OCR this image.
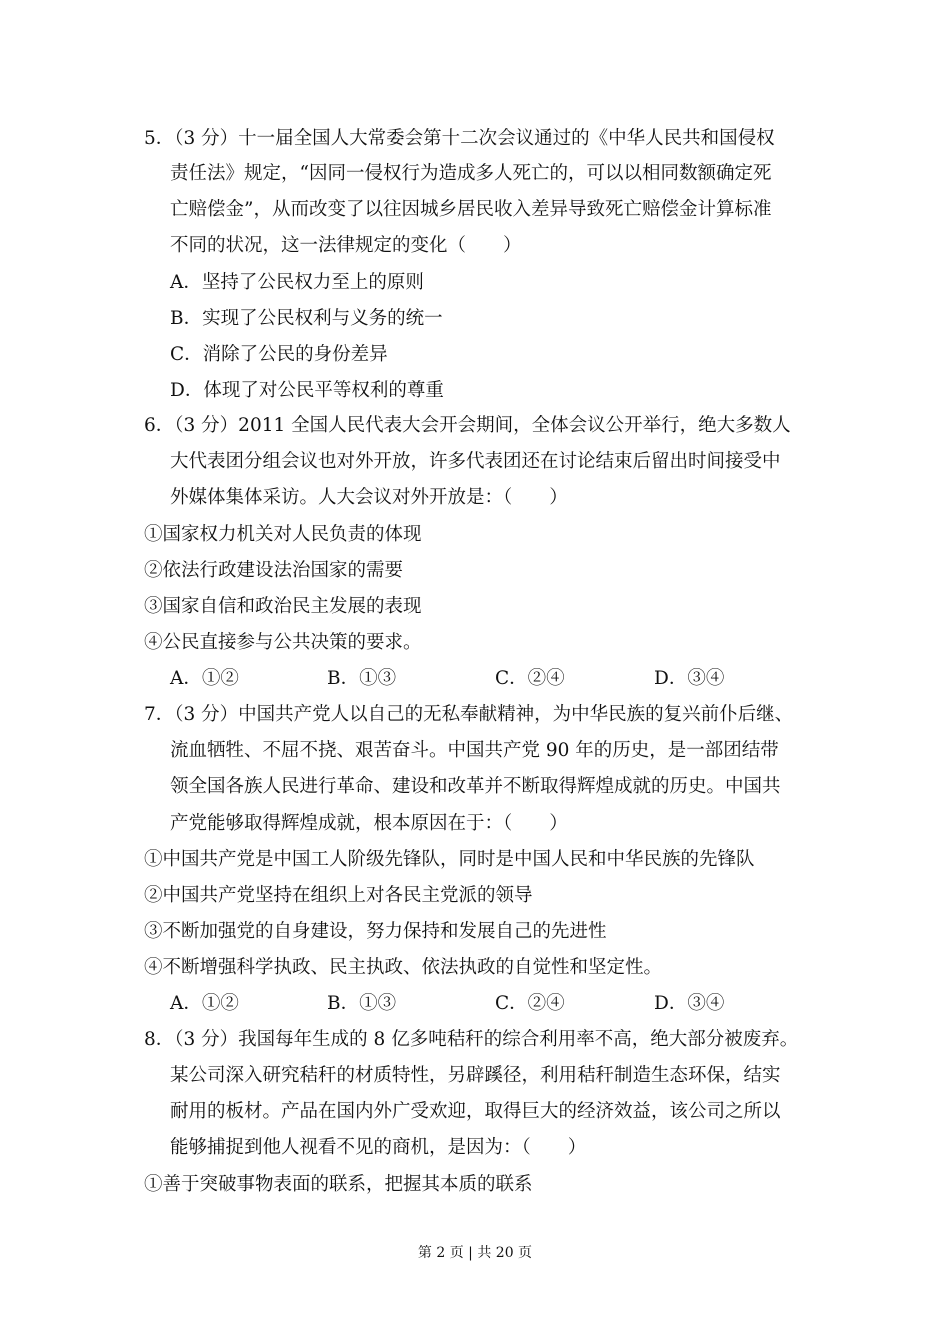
5．（3 分）十一届全国人大常委会第十二次会议通过的《中华人民共和国侵权
责任法》规定，“因同一侵权行为造成多人死亡的，可以以相同数额确定死
亡赔偿金”，从而改变了以往因城乡居民收入差异导致死亡赔偿金计算标准
不同的状况，这一法律规定的变化（　　）
A．坚持了公民权力至上的原则
B．实现了公民权利与义务的统一
C．消除了公民的身份差异
D．体现了对公民平等权利的尊重
6．（3 分）2011 全国人民代表大会开会期间，全体会议公开举行，绝大多数人
大代表团分组会议也对外开放，许多代表团还在讨论结束后留出时间接受中
外媒体集体采访。人大会议对外开放是：（　　）
①国家权力机关对人民负责的体现
②依法行政建设法治国家的需要
③国家自信和政治民主发展的表现
④公民直接参与公共决策的要求。
A．①②	B．①③	C．②④	D．③④
7．（3 分）中国共产党人以自己的无私奉献精神，为中华民族的复兴前仆后继、
流血牺牲、不屈不挠、艰苦奋斗。中国共产党 90 年的历史，是一部团结带
领全国各族人民进行革命、建设和改革并不断取得辉煌成就的历史。中国共
产党能够取得辉煌成就，根本原因在于：（　　）
①中国共产党是中国工人阶级先锋队，同时是中国人民和中华民族的先锋队
②中国共产党坚持在组织上对各民主党派的领导
③不断加强党的自身建设，努力保持和发展自己的先进性
④不断增强科学执政、民主执政、依法执政的自觉性和坚定性。
A．①②	B．①③	C．②④	D．③④
8．（3 分）我国每年生成的 8 亿多吨秸秆的综合利用率不高，绝大部分被废弃。
某公司深入研究秸秆的材质特性，另辟蹊径，利用秸秆制造生态环保，结实
耐用的板材。产品在国内外广受欢迎，取得巨大的经济效益，该公司之所以
能够捕捉到他人视看不见的商机，是因为：（　　）
①善于突破事物表面的联系，把握其本质的联系
第 2 页 | 共 20 页
